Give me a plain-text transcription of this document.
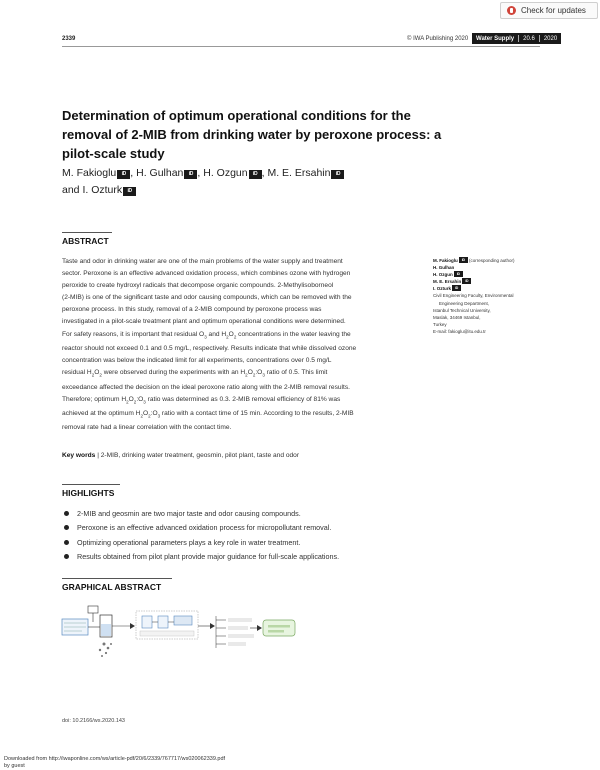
Check for updates
2339	© IWA Publishing 2020 Water Supply 20.6 2020
Determination of optimum operational conditions for the removal of 2-MIB from drinking water by peroxone process: a pilot-scale study
M. Fakioglu iD , H. Gulhan iD , H. Ozgun iD , M. E. Ersahin iD
and I. Ozturk iD
ABSTRACT
Taste and odor in drinking water are one of the main problems of the water supply and treatment
sector. Peroxone is an effective advanced oxidation process, which combines ozone with hydrogen
peroxide to create hydroxyl radicals that decompose organic compounds. 2-Methylisoborneol
(2-MIB) is one of the significant taste and odor causing compounds, which can be removed with the
peroxone process. In this study, removal of a 2-MIB compound by peroxone process was
investigated in a pilot-scale treatment plant and optimum operational conditions were determined.
For safety reasons, it is important that residual $O_3$ and $H_2O_2$ concentrations in the water leaving the
reactor should not exceed 0.1 and 0.5 mg/L, respectively. Results indicate that while dissolved ozone
concentration was below the indicated limit for all experiments, concentrations over 0.5 mg/L
residual $H_2O_2$ were observed during the experiments with an $H_2O_2:O_3$ ratio of 0.5. This limit
exceedance affected the decision on the ideal peroxone ratio along with the 2-MIB removal results.
Therefore; optimum $H_2O_2:O_3$ ratio was determined as 0.3. 2-MIB removal efficiency of 81% was
achieved at the optimum $H_2O_2:O_3$ ratio with a contact time of 15 min. According to the results, 2-MIB
removal rate had a linear correlation with the contact time.
Key words | 2-MIB, drinking water treatment, geosmin, pilot plant, taste and odor
M. Fakioglu iD (corresponding author)
H. Gulhan
H. Ozgun iD
M. E. Ersahin iD
I. Ozturk iD
Civil Engineering Faculty, Environmental
Engineering Department,
Istanbul Technical University,
Maslak, 34469 Istanbul,
Turkey
E-mail: fakioglu@itu.edu.tr
HIGHLIGHTS
2-MIB and geosmin are two major taste and odor causing compounds.
Peroxone is an effective advanced oxidation process for micropollutant removal.
Optimizing operational parameters plays a key role in water treatment.
Results obtained from pilot plant provide major guidance for full-scale applications.
GRAPHICAL ABSTRACT
doi: 10.2166/ws.2020.143
Downloaded from http://iwaponline.com/ws/article-pdf/20/6/2339/767717/ws020062339.pdf
by guest
